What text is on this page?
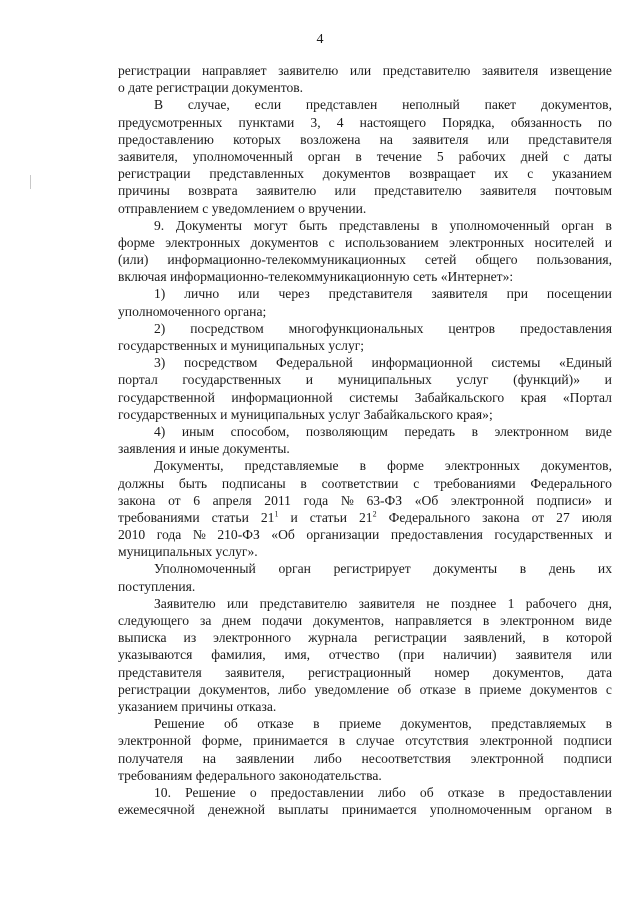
4
регистрации направляет заявителю или представителю заявителя извещение
о дате регистрации документов.
В случае, если представлен неполный пакет документов,
предусмотренных пунктами 3, 4 настоящего Порядка, обязанность по
предоставлению которых возложена на заявителя или представителя
заявителя, уполномоченный орган в течение 5 рабочих дней с даты
регистрации представленных документов возвращает их с указанием
причины возврата заявителю или представителю заявителя почтовым
отправлением с уведомлением о вручении.
9. Документы могут быть представлены в уполномоченный орган в
форме электронных документов с использованием электронных носителей и
(или) информационно-телекоммуникационных сетей общего пользования,
включая информационно-телекоммуникационную сеть «Интернет»:
1) лично или через представителя заявителя при посещении
уполномоченного органа;
2) посредством многофункциональных центров предоставления
государственных и муниципальных услуг;
3) посредством Федеральной информационной системы «Единый
портал государственных и муниципальных услуг (функций)» и
государственной информационной системы Забайкальского края «Портал
государственных и муниципальных услуг Забайкальского края»;
4) иным способом, позволяющим передать в электронном виде
заявления и иные документы.
Документы, представляемые в форме электронных документов,
должны быть подписаны в соответствии с требованиями Федерального
закона от 6 апреля 2011 года № 63-ФЗ «Об электронной подписи» и
требованиями статьи $21^1$ и статьи $21^2$ Федерального закона от 27 июля
2010 года № 210-ФЗ «Об организации предоставления государственных и
муниципальных услуг».
Уполномоченный орган регистрирует документы в день их
поступления.
Заявителю или представителю заявителя не позднее 1 рабочего дня,
следующего за днем подачи документов, направляется в электронном виде
выписка из электронного журнала регистрации заявлений, в которой
указываются фамилия, имя, отчество (при наличии) заявителя или
представителя заявителя, регистрационный номер документов, дата
регистрации документов, либо уведомление об отказе в приеме документов с
указанием причины отказа.
Решение об отказе в приеме документов, представляемых в
электронной форме, принимается в случае отсутствия электронной подписи
получателя на заявлении либо несоответствия электронной подписи
требованиям федерального законодательства.
10. Решение о предоставлении либо об отказе в предоставлении
ежемесячной денежной выплаты принимается уполномоченным органом в
